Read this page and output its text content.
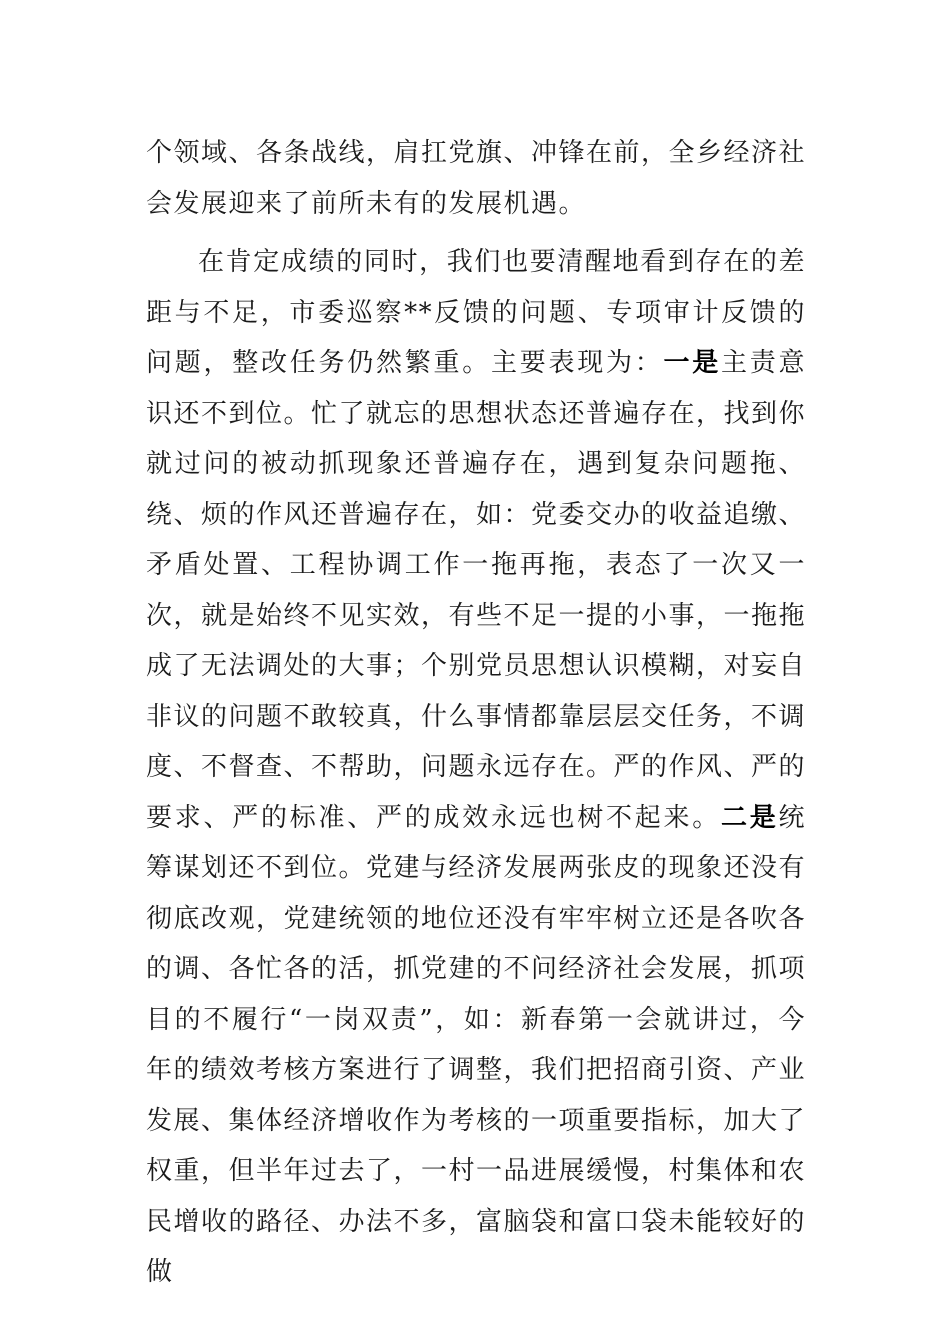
个领域、各条战线，肩扛党旗、冲锋在前，全乡经济社会发展迎来了前所未有的发展机遇。

在肯定成绩的同时，我们也要清醒地看到存在的差距与不足，市委巡察**反馈的问题、专项审计反馈的问题，整改任务仍然繁重。主要表现为：一是主责意识还不到位。忙了就忘的思想状态还普遍存在，找到你就过问的被动抓现象还普遍存在，遇到复杂问题拖、绕、烦的作风还普遍存在，如：党委交办的收益追缴、矛盾处置、工程协调工作一拖再拖，表态了一次又一次，就是始终不见实效，有些不足一提的小事，一拖拖成了无法调处的大事；个别党员思想认识模糊，对妄自非议的问题不敢较真，什么事情都靠层层交任务，不调度、不督查、不帮助，问题永远存在。严的作风、严的要求、严的标准、严的成效永远也树不起来。二是统筹谋划还不到位。党建与经济发展两张皮的现象还没有彻底改观，党建统领的地位还没有牢牢树立还是各吹各的调、各忙各的活，抓党建的不问经济社会发展，抓项目的不履行“一岗双责”，如：新春第一会就讲过，今年的绩效考核方案进行了调整，我们把招商引资、产业发展、集体经济增收作为考核的一项重要指标，加大了权重，但半年过去了，一村一品进展缓慢，村集体和农民增收的路径、办法不多，富脑袋和富口袋未能较好的做
